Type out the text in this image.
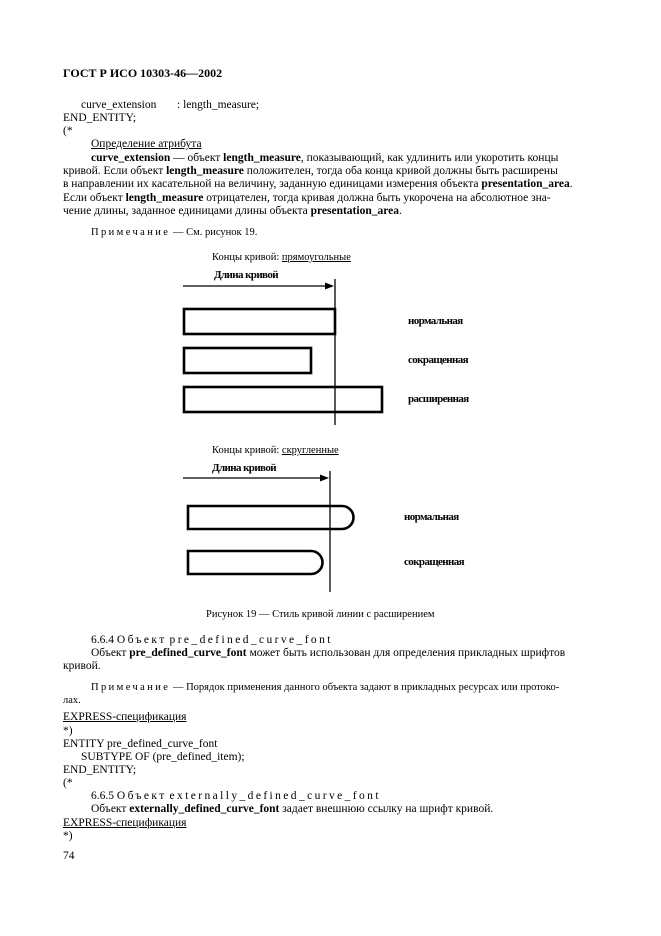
ГОСТ Р ИСО 10303-46—2002
curve_extension : length_measure;
END_ENTITY;
(*
Определение атрибута
curve_extension — объект length_measure, показывающий, как удлинить или укоротить концы
кривой. Если объект length_measure положителен, тогда оба конца кривой должны быть расширены
в направлении их касательной на величину, заданную единицами измерения объекта presentation_area.
Если объект length_measure отрицателен, тогда кривая должна быть укорочена на абсолютное зна-
чение длины, заданное единицами длины объекта presentation_area.
Примечание — См. рисунок 19.
Концы кривой: прямоугольные
Длина кривой
нормальная
сокращенная
расширенная
Концы кривой: скругленные
Длина кривой
нормальная
сокращенная
Рисунок 19 — Стиль кривой линии с расширением
6.6.4 Объект pre_defined_curve_font
Объект pre_defined_curve_font может быть использован для определения прикладных шрифтов
кривой.
Примечание — Порядок применения данного объекта задают в прикладных ресурсах или протоко-
лах.
EXPRESS-спецификация
*)
ENTITY pre_defined_curve_font
SUBTYPE OF (pre_defined_item);
END_ENTITY;
(*
6.6.5 Объект externally_defined_curve_font
Объект externally_defined_curve_font задает внешнюю ссылку на шрифт кривой.
EXPRESS-спецификация
*)
74
